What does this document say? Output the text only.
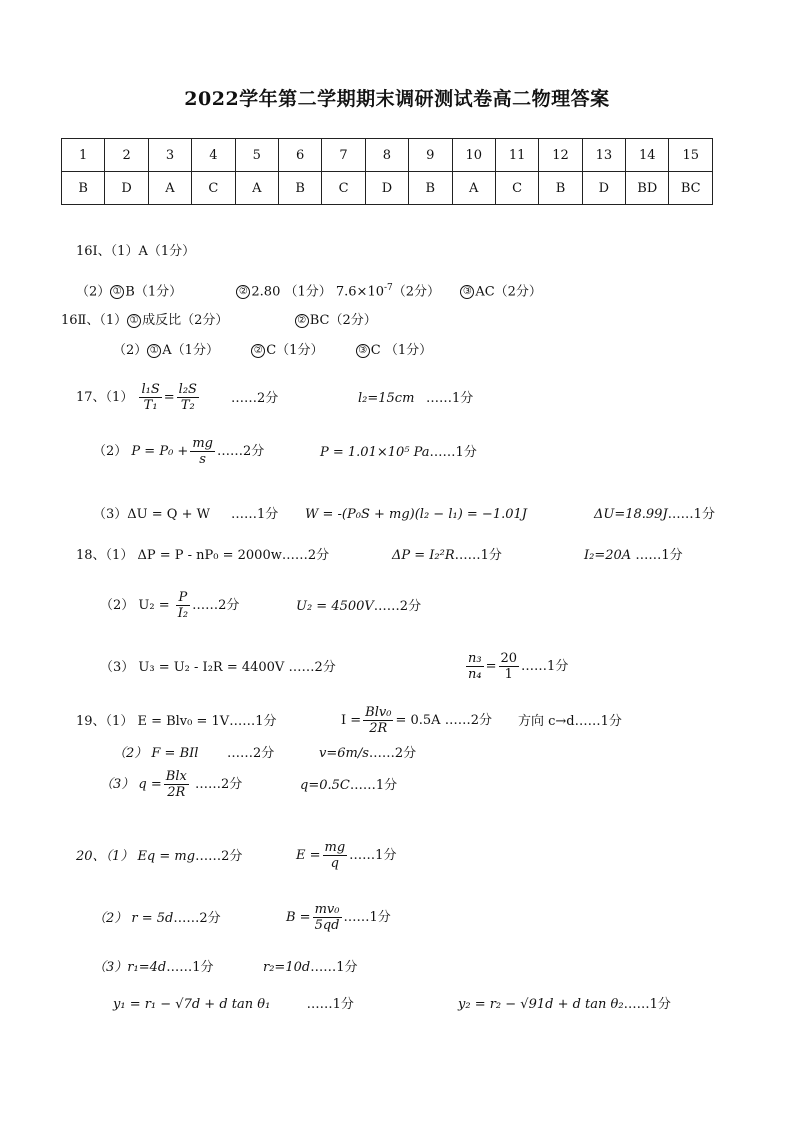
2022学年第二学期期末调研测试卷高二物理答案
1	2	3	4	5	6	7	8	9	10	11	12	13	14	15
B	D	A	C	A	B	C	D	B	A	C	B	D	BD	BC
16Ⅰ、（1）A（1分）
（2） ① B（1分）	② 2.80 （1分） $7.6\times 10^{-7}(2$分） ③ AC（2分）
16Ⅱ、（1） ① 成反比（2分）	② BC（2分）
（2） ① A（1分）	② C（1分）	③ C （1分）
17、$(1) \frac{\text{l₁S}}{\text{T₁}} = \frac{\text{l₂S}}{\text{T₂}}$ ……2分	l₂=15cm ……1分
（2） $P = P_0 + \frac{mg}{s}$ ……2分	P = 1.01×10⁵ Pa……1分
（3）ΔU = Q + W ……1分 W = -(P₀S + mg)(l₂ − l₁) = −1.01J	ΔU=18.99J……1分
18、（1） ΔP = P - nP₀ = 2000w……2分	ΔP = I₂²R……1分	I₂=20A ……1分
（2） $U_2 = \frac{P}{\text{I₂}}$ ……2分	U₂ = 4500V……2分
（3） U₃ = U₂ - I₂R = 4400V ……2分	$\frac{\text{n₃}}{\text{n₄}} = \frac{20}{1}$ ……1分
19、（1） E = Blv₀ = 1V……1分	$I = \frac{\text{Blv₀}}{2R} = 0.5A$ ……2分 方向 c→d……1分
（2） F = BIl ……2分	v=6m/s……2分
（3） $q = \frac{\text{Blx}}{2R}$ ……2分	q=0.5C……1分
20、（1） Eq = mg……2分	$E = \frac{mg}{q}$ ……1分
（2） r = 5d……2分	$B = \frac{\text{mv₀}}{5qd}$ ……1分
（3）r₁=4d……1分	r₂=10d……1分
y₁ = r₁ − √7d + d tan θ₁	……1分	y₂ = r₂ − √91d + d tan θ₂……1分
